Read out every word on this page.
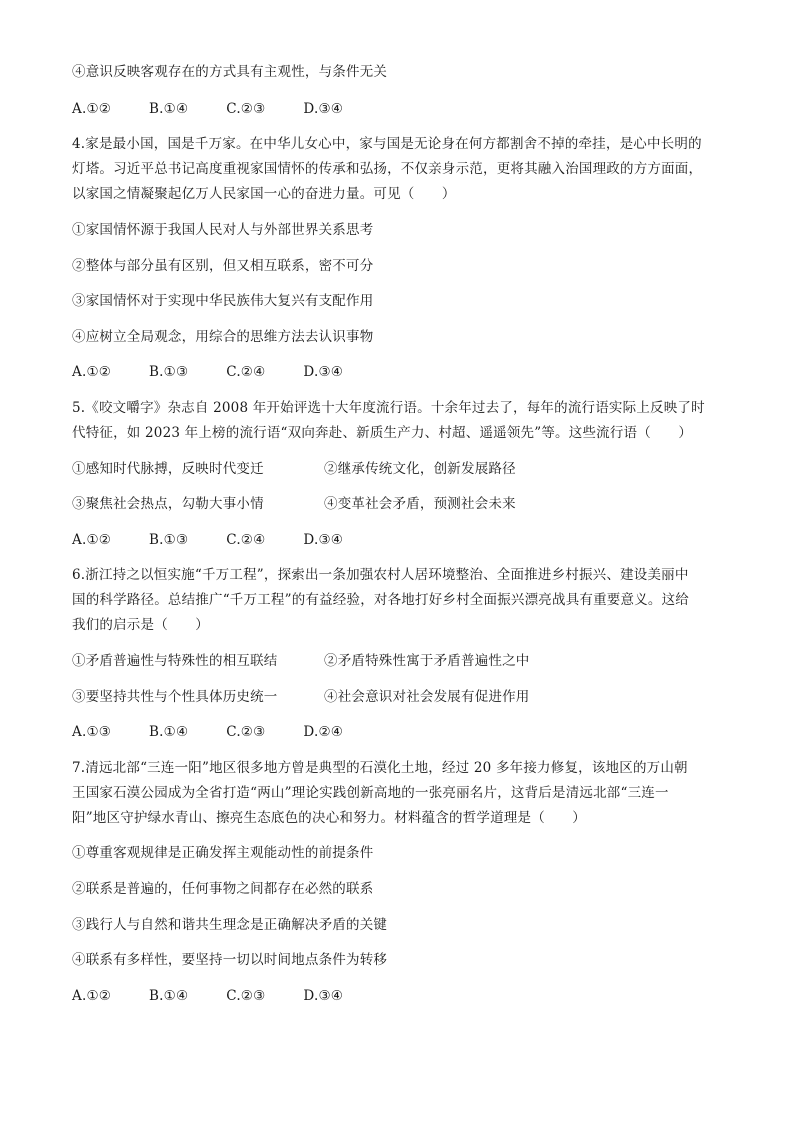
④意识反映客观存在的方式具有主观性，与条件无关
A.①②	B.①④	C.②③	D.③④
4.家是最小国，国是千万家。在中华儿女心中，家与国是无论身在何方都割舍不掉的牵挂，是心中长明的
灯塔。习近平总书记高度重视家国情怀的传承和弘扬，不仅亲身示范，更将其融入治国理政的方方面面，
以家国之情凝聚起亿万人民家国一心的奋进力量。可见（　　）
①家国情怀源于我国人民对人与外部世界关系思考
②整体与部分虽有区别，但又相互联系，密不可分
③家国情怀对于实现中华民族伟大复兴有支配作用
④应树立全局观念，用综合的思维方法去认识事物
A.①②	B.①③	C.②④	D.③④
5.《咬文嚼字》杂志自 2008 年开始评选十大年度流行语。十余年过去了，每年的流行语实际上反映了时
代特征，如 2023 年上榜的流行语“双向奔赴、新质生产力、村超、遥遥领先”等。这些流行语（　　）
①感知时代脉搏，反映时代变迁	②继承传统文化，创新发展路径
③聚焦社会热点，勾勒大事小情	④变革社会矛盾，预测社会未来
A.①②	B.①③	C.②④	D.③④
6.浙江持之以恒实施“千万工程”，探索出一条加强农村人居环境整治、全面推进乡村振兴、建设美丽中
国的科学路径。总结推广“千万工程”的有益经验，对各地打好乡村全面振兴漂亮战具有重要意义。这给
我们的启示是（　　）
①矛盾普遍性与特殊性的相互联结	②矛盾特殊性寓于矛盾普遍性之中
③要坚持共性与个性具体历史统一	④社会意识对社会发展有促进作用
A.①③	B.①④	C.②③	D.②④
7.清远北部“三连一阳”地区很多地方曾是典型的石漠化土地，经过 20 多年接力修复，该地区的万山朝
王国家石漠公园成为全省打造“两山”理论实践创新高地的一张亮丽名片，这背后是清远北部“三连一
阳”地区守护绿水青山、擦亮生态底色的决心和努力。材料蕴含的哲学道理是（　　）
①尊重客观规律是正确发挥主观能动性的前提条件
②联系是普遍的，任何事物之间都存在必然的联系
③践行人与自然和谐共生理念是正确解决矛盾的关键
④联系有多样性，要坚持一切以时间地点条件为转移
A.①②	B.①④	C.②③	D.③④
